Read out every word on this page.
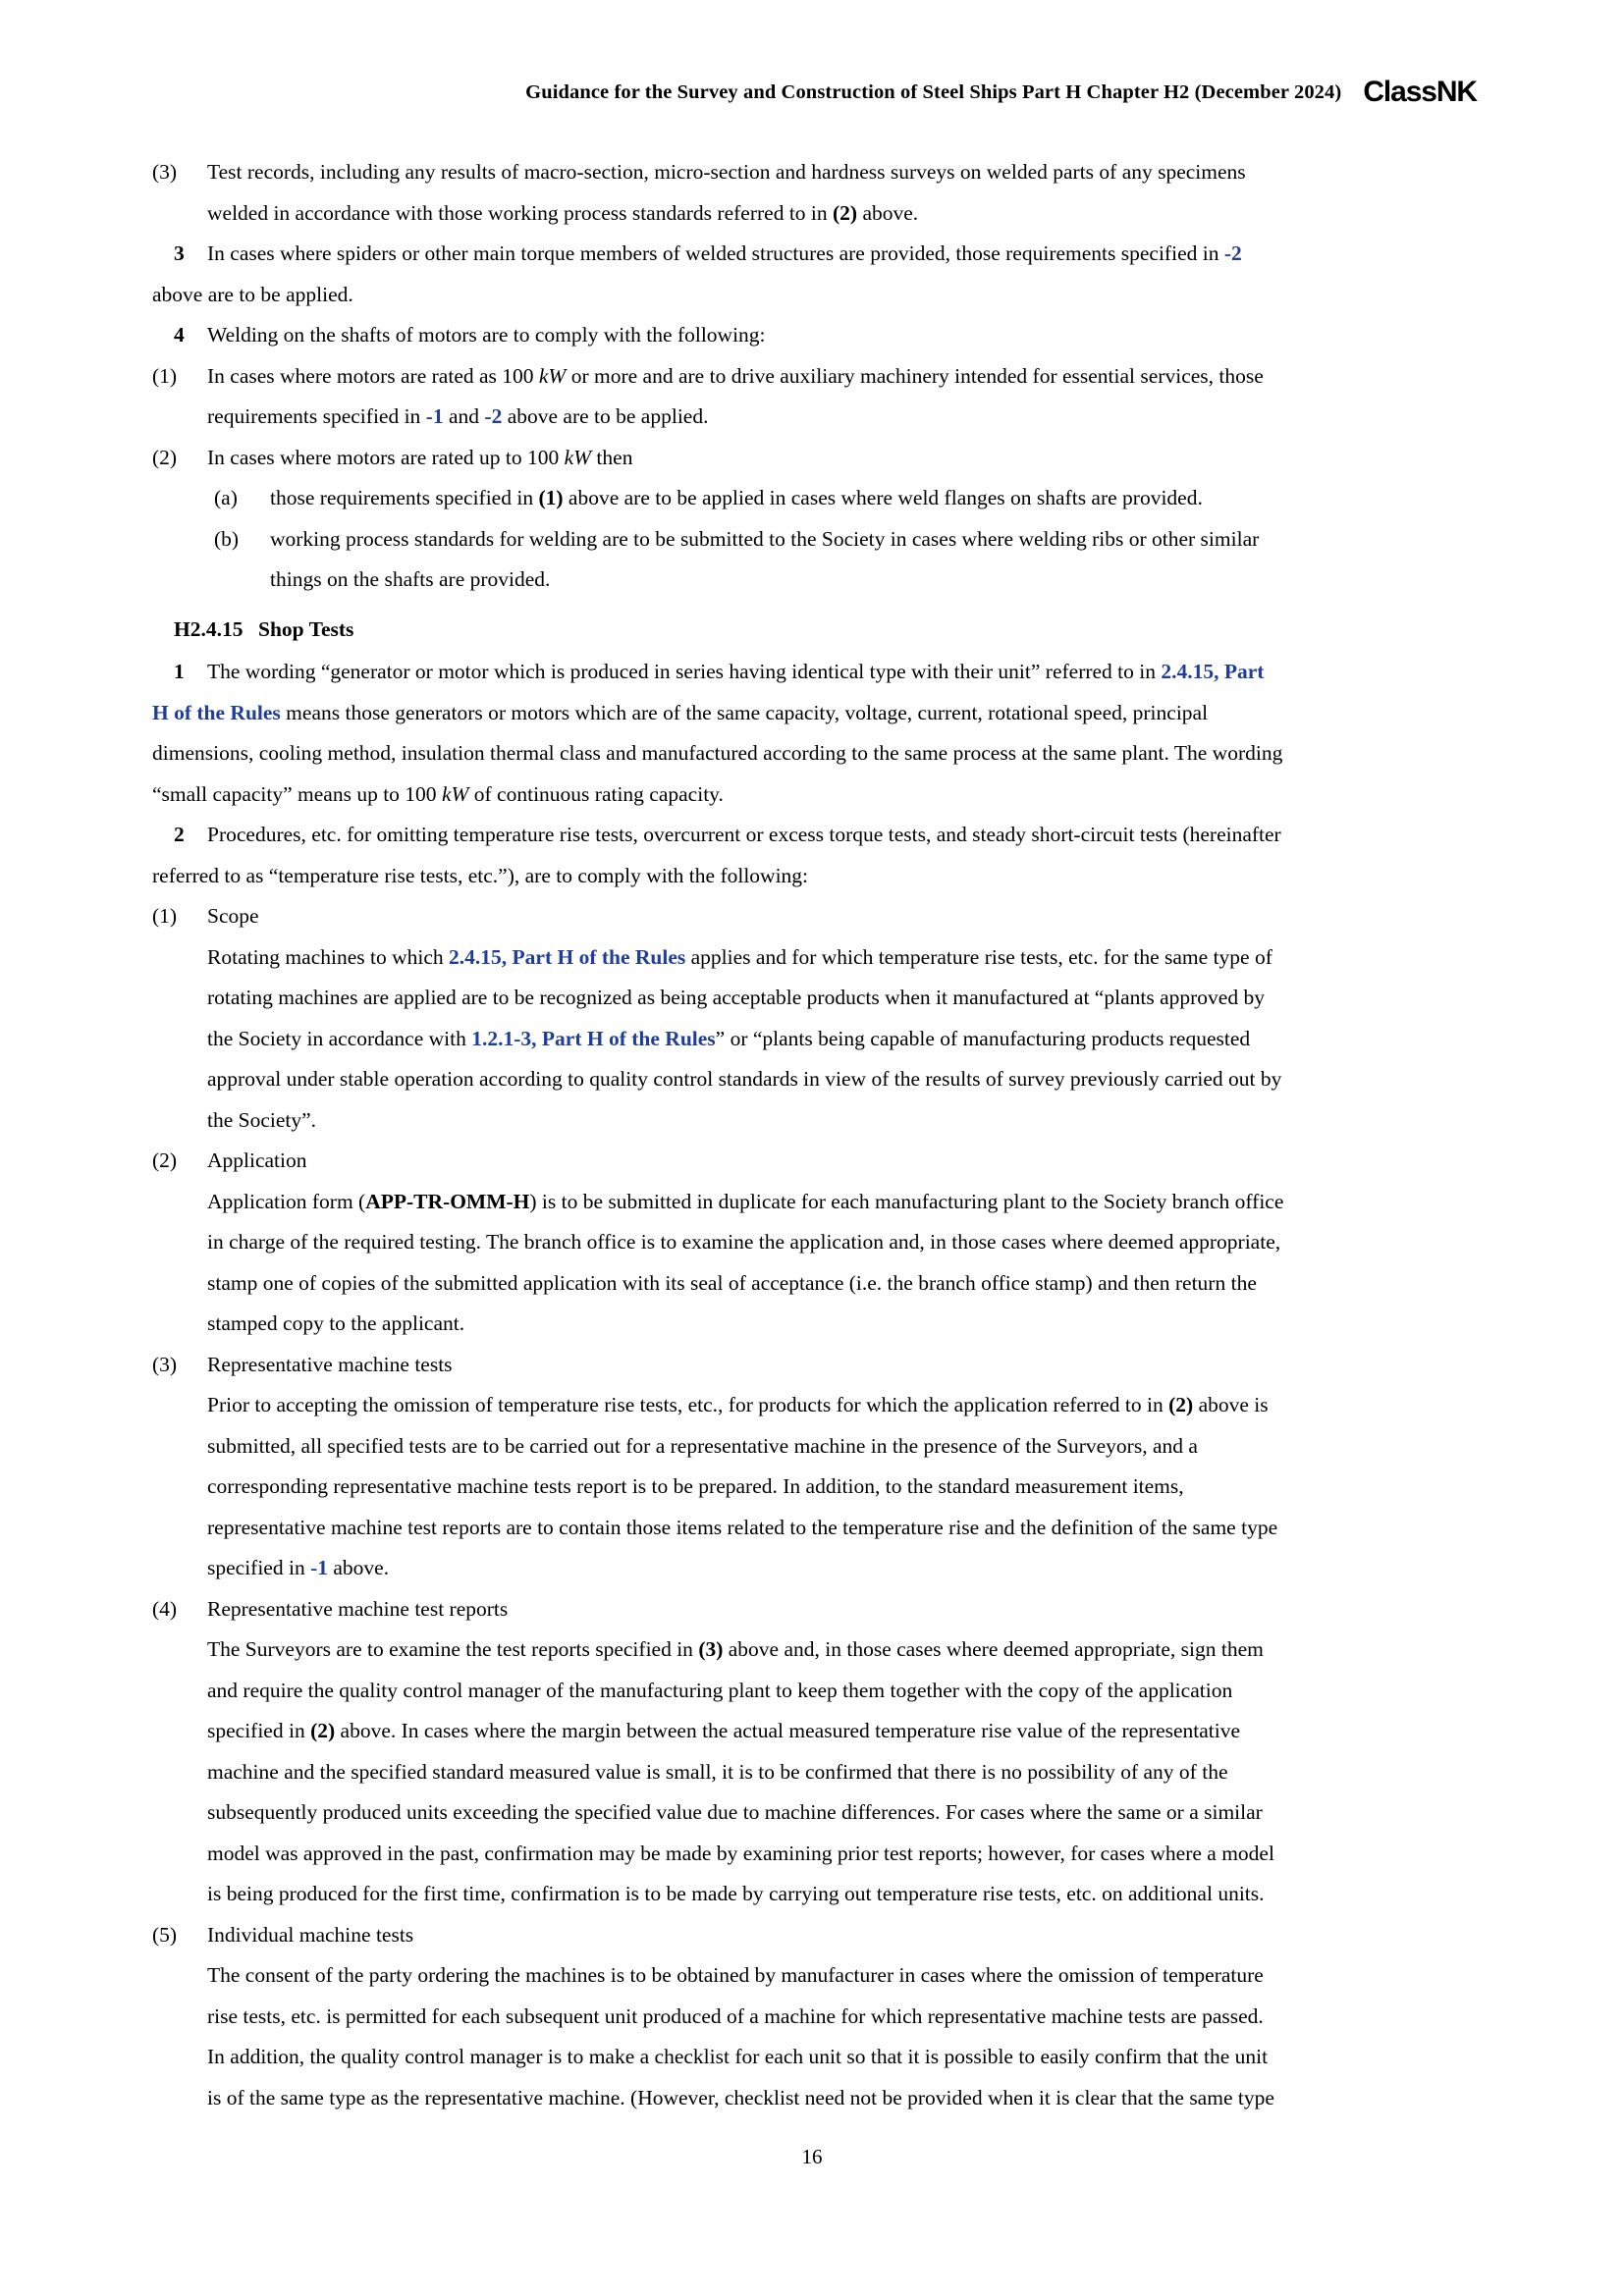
Guidance for the Survey and Construction of Steel Ships Part H Chapter H2 (December 2024) ClassNK
(3) Test records, including any results of macro-section, micro-section and hardness surveys on welded parts of any specimens
welded in accordance with those working process standards referred to in (2) above.
3 In cases where spiders or other main torque members of welded structures are provided, those requirements specified in -2
above are to be applied.
4 Welding on the shafts of motors are to comply with the following:
(1) In cases where motors are rated as 100 kW or more and are to drive auxiliary machinery intended for essential services, those
requirements specified in -1 and -2 above are to be applied.
(2) In cases where motors are rated up to 100 kW then
(a) those requirements specified in (1) above are to be applied in cases where weld flanges on shafts are provided.
(b) working process standards for welding are to be submitted to the Society in cases where welding ribs or other similar
things on the shafts are provided.
H2.4.15 Shop Tests
1 The wording “generator or motor which is produced in series having identical type with their unit” referred to in 2.4.15, Part
H of the Rules means those generators or motors which are of the same capacity, voltage, current, rotational speed, principal
dimensions, cooling method, insulation thermal class and manufactured according to the same process at the same plant. The wording
“small capacity” means up to 100 kW of continuous rating capacity.
2 Procedures, etc. for omitting temperature rise tests, overcurrent or excess torque tests, and steady short-circuit tests (hereinafter
referred to as “temperature rise tests, etc.”), are to comply with the following:
(1) Scope
Rotating machines to which 2.4.15, Part H of the Rules applies and for which temperature rise tests, etc. for the same type of
rotating machines are applied are to be recognized as being acceptable products when it manufactured at “plants approved by
the Society in accordance with 1.2.1-3, Part H of the Rules” or “plants being capable of manufacturing products requested
approval under stable operation according to quality control standards in view of the results of survey previously carried out by
the Society”.
(2) Application
Application form (APP-TR-OMM-H) is to be submitted in duplicate for each manufacturing plant to the Society branch office
in charge of the required testing. The branch office is to examine the application and, in those cases where deemed appropriate,
stamp one of copies of the submitted application with its seal of acceptance (i.e. the branch office stamp) and then return the
stamped copy to the applicant.
(3) Representative machine tests
Prior to accepting the omission of temperature rise tests, etc., for products for which the application referred to in (2) above is
submitted, all specified tests are to be carried out for a representative machine in the presence of the Surveyors, and a
corresponding representative machine tests report is to be prepared. In addition, to the standard measurement items,
representative machine test reports are to contain those items related to the temperature rise and the definition of the same type
specified in -1 above.
(4) Representative machine test reports
The Surveyors are to examine the test reports specified in (3) above and, in those cases where deemed appropriate, sign them
and require the quality control manager of the manufacturing plant to keep them together with the copy of the application
specified in (2) above. In cases where the margin between the actual measured temperature rise value of the representative
machine and the specified standard measured value is small, it is to be confirmed that there is no possibility of any of the
subsequently produced units exceeding the specified value due to machine differences. For cases where the same or a similar
model was approved in the past, confirmation may be made by examining prior test reports; however, for cases where a model
is being produced for the first time, confirmation is to be made by carrying out temperature rise tests, etc. on additional units.
(5) Individual machine tests
The consent of the party ordering the machines is to be obtained by manufacturer in cases where the omission of temperature
rise tests, etc. is permitted for each subsequent unit produced of a machine for which representative machine tests are passed.
In addition, the quality control manager is to make a checklist for each unit so that it is possible to easily confirm that the unit
is of the same type as the representative machine. (However, checklist need not be provided when it is clear that the same type
16
